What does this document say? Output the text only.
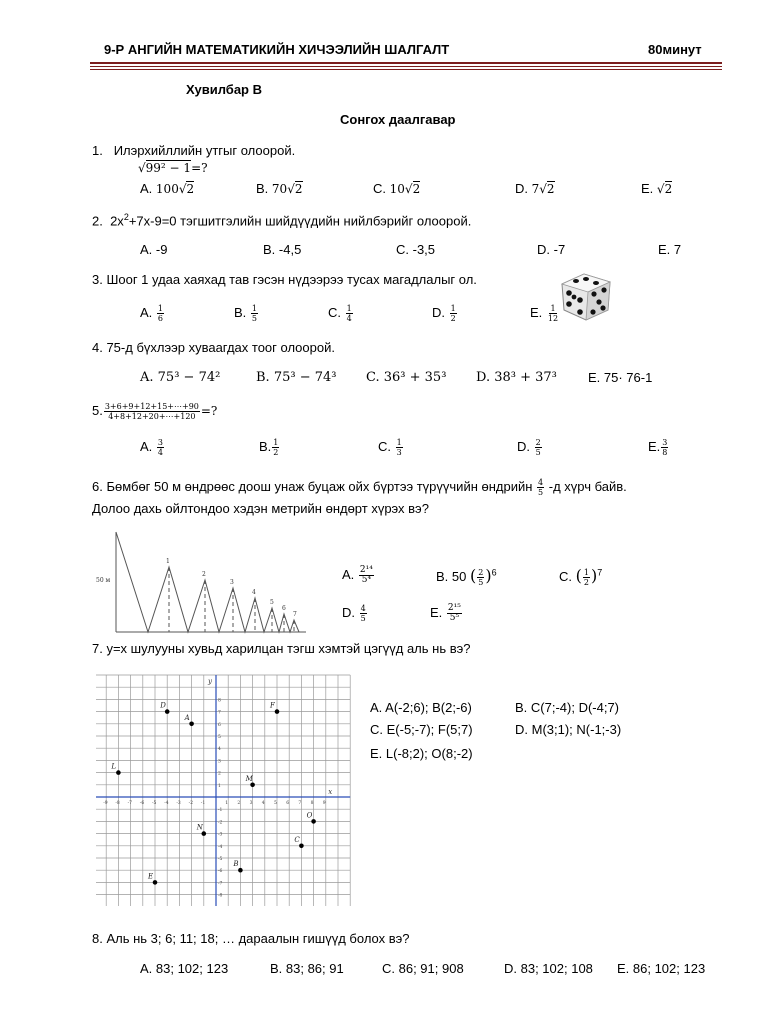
9-Р АНГИЙН МАТЕМАТИКИЙН ХИЧЭЭЛИЙН ШАЛГАЛТ	80минут
Хувилбар В
Сонгох даалгавар
1. Илэрхийллийн утгыг олоорой.
√99² − 1=?
A. 100√2	B. 70√2	C. 10√2	D. 7√2	E. √2
2. $2x^2+7x-9=0$ тэгшитгэлийн шийдүүдийн нийлбэрийг олоорой.
A. -9	B. -4,5	C. -3,5	D. -7	E. 7
3. Шоог 1 удаа хаяхад тав гэсэн нүдээрээ тусах магадлалыг ол.
A. $\frac{1}{6}$	B. $\frac{1}{5}$	C. $\frac{1}{4}$	D. $\frac{1}{2}$	E. $\frac{1}{12}$
4. 75-д бүхлээр хуваагдах тоог олоорой.
A. 75³ − 74²	B. 75³ − 74³ C. 36³ + 35³ D. 38³ + 37³ E. 75· 76-1
5. $\frac{3+6+9+12+15+\cdots+90}{4+8+12+20+\cdots+120}$ =?
A. $\frac{3}{4}$	B. $\frac{1}{2}$	C. $\frac{1}{3}$	D. $\frac{2}{5}$	E. $\frac{3}{8}$
6. Бөмбөг 50 м өндрөөс доош унаж буцаж ойх бүртээ түрүүчийн өндрийн $\frac{4}{5} -д$ хүрч байв.
Долоо дахь ойлтондоо хэдэн метрийн өндөрт хүрэх вэ?
50 м
1
2
3
4
5
6
7
A. $\frac{\text{2¹⁴}}{\text{5⁴}}$	B. 50 ( $\frac{2}{5} )^6$	C. ( $\frac{1}{2} )^7$
D. $\frac{4}{5}$	E. $\frac{\text{2¹⁵}}{\text{5⁵}}$
7. y=x шулууны хувьд харилцан тэгш хэмтэй цэгүүд аль нь вэ?
x
y
-9 -8 -7 -6 -5 -4 -3 -2 -1	1 2 3 4 5 6 7 8 9
-8
-7
-6
-5
-4
-3
-2
-1
1
2
3
4
5
6
7
8
D
A
F
L
M
N
O
C
B
E
A. A(-2;6); B(2;-6)	B. C(7;-4); D(-4;7)
C. E(-5;-7); F(5;7)	D. M(3;1); N(-1;-3)
E. L(-8;2); O(8;-2)
8. Аль нь 3; 6; 11; 18; … дараалын гишүүд болох вэ?
A. 83; 102; 123	B. 83; 86; 91	C. 86; 91; 908	D. 83; 102; 108 E. 86; 102; 123
